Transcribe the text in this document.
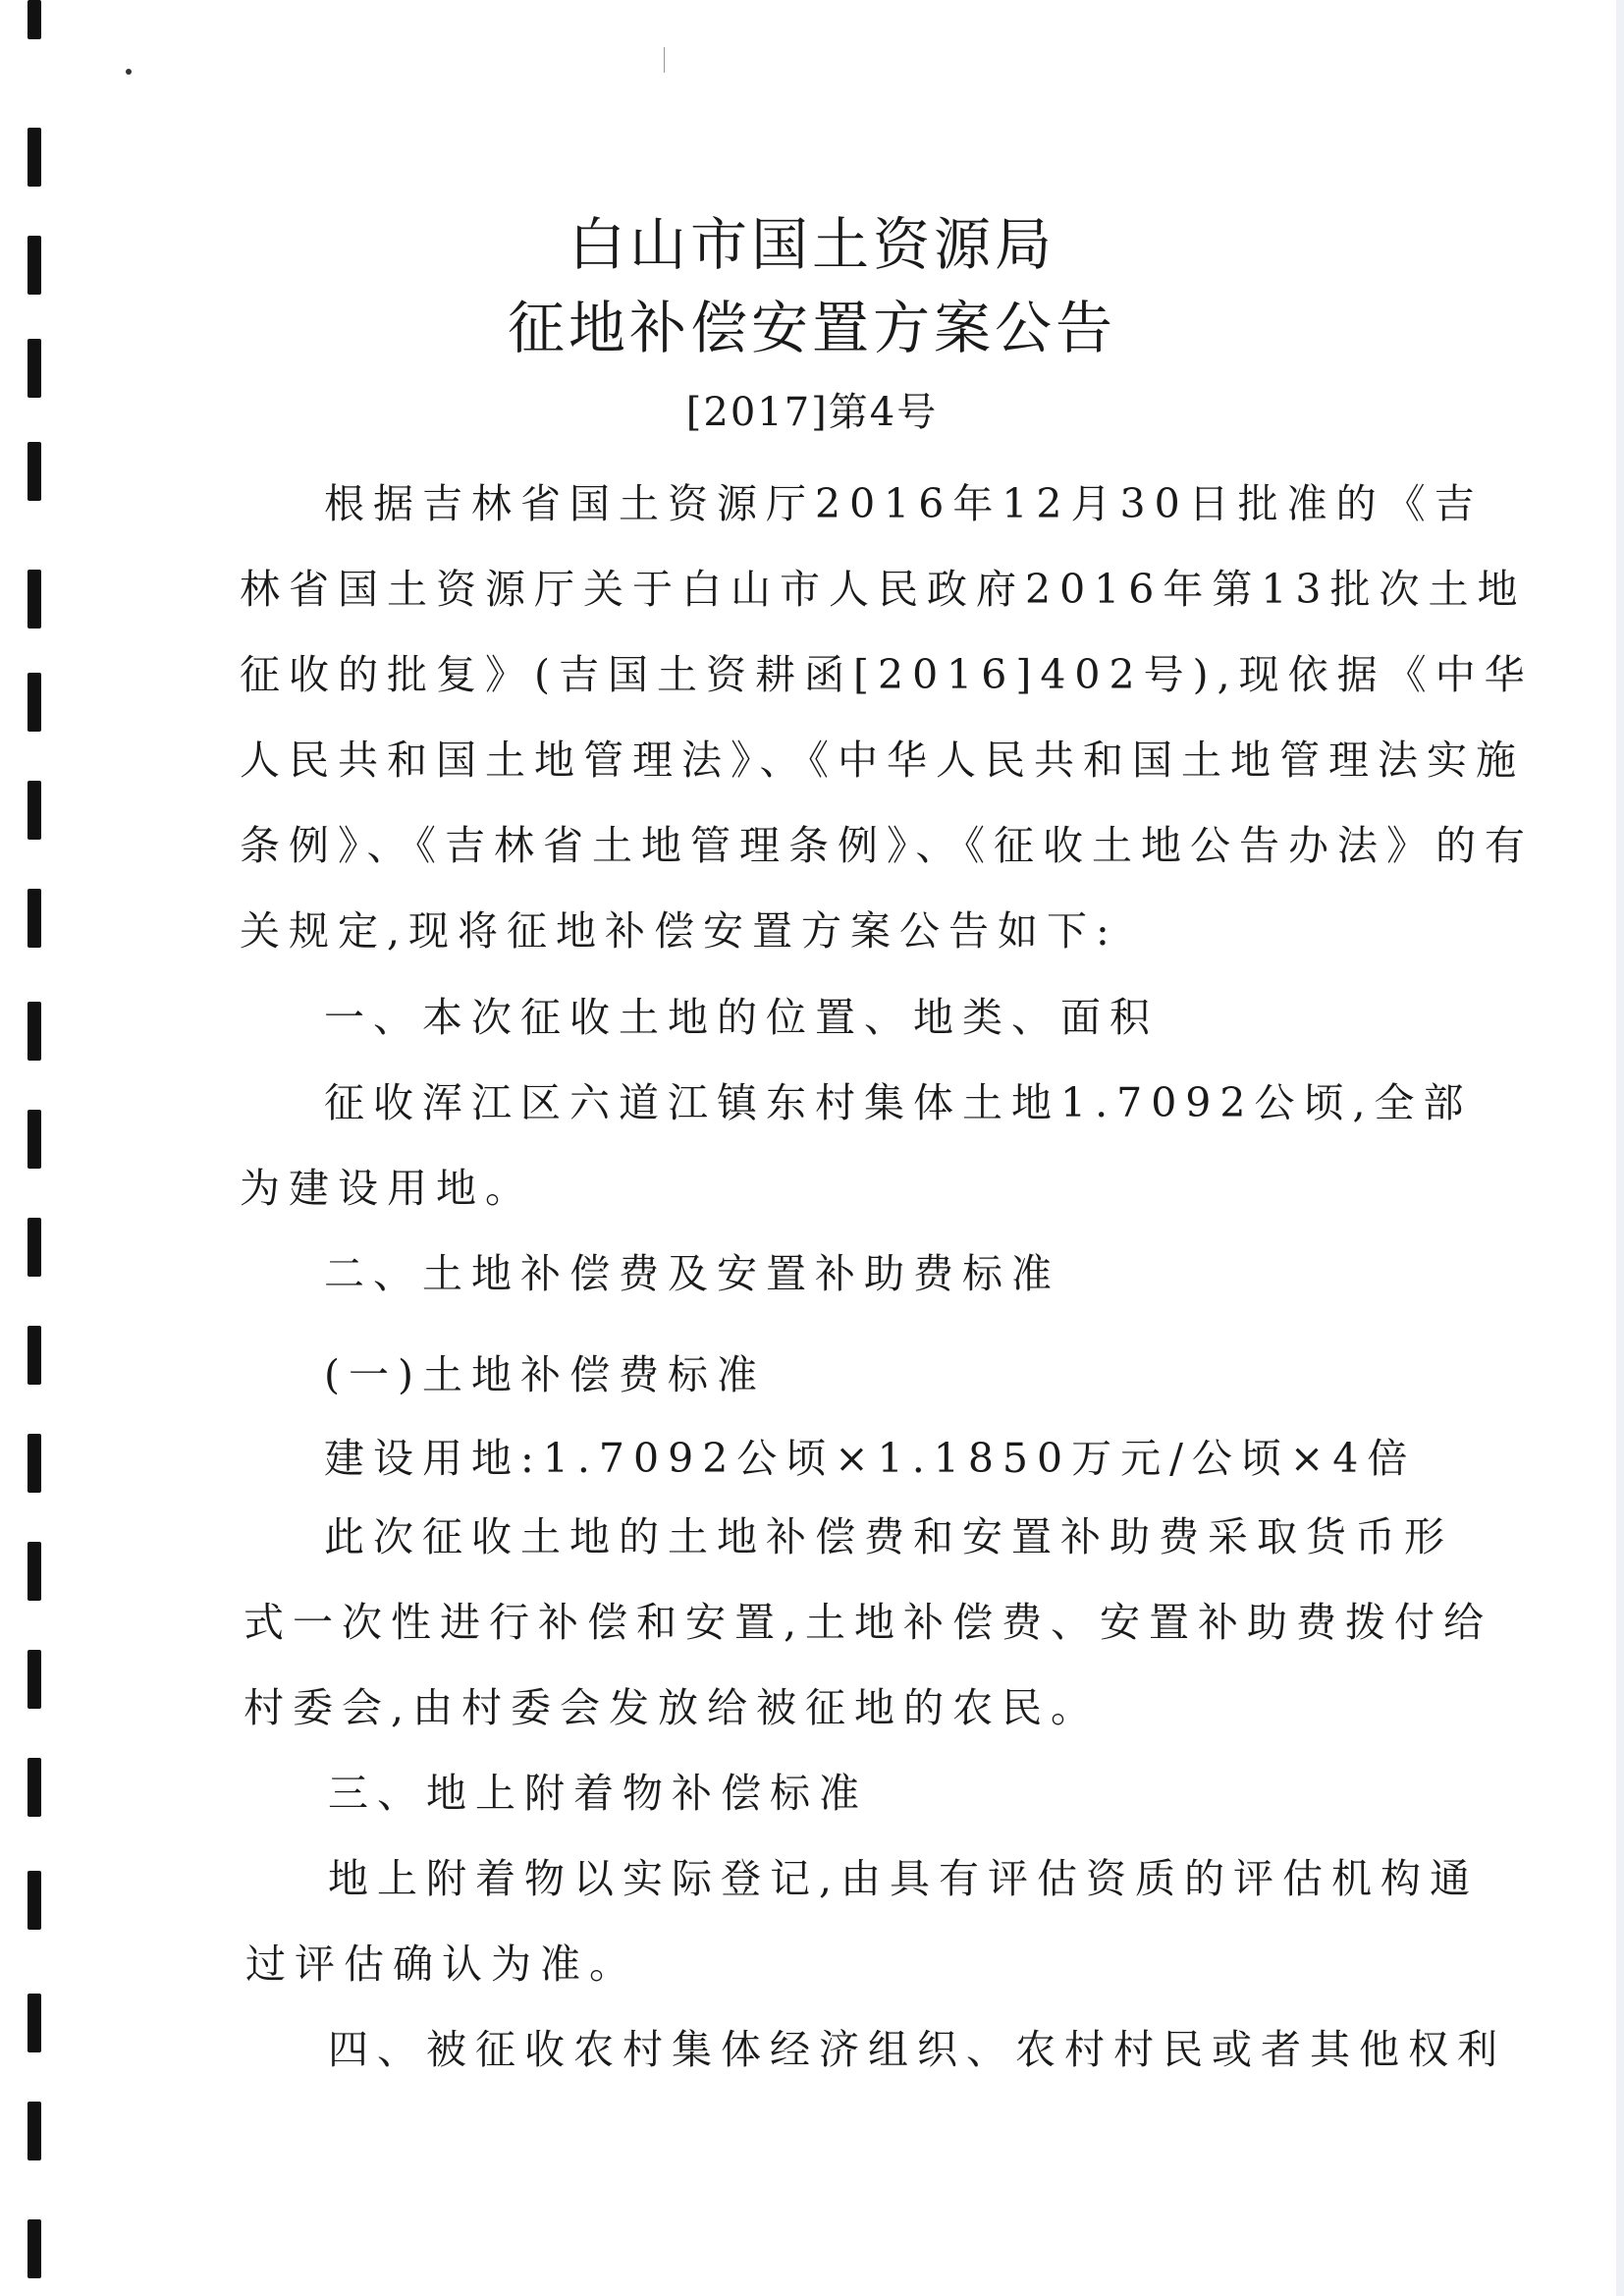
白山市国土资源局
征地补偿安置方案公告
[2017]第4号
根据吉林省国土资源厅2016年12月30日批准的《吉
林省国土资源厅关于白山市人民政府2016年第13批次土地
征收的批复》(吉国土资耕函[2016]402号),现依据《中华
人民共和国土地管理法》、《中华人民共和国土地管理法实施
条例》、《吉林省土地管理条例》、《征收土地公告办法》的有
关规定,现将征地补偿安置方案公告如下:
一、本次征收土地的位置、地类、面积
征收浑江区六道江镇东村集体土地1.7092公顷,全部
为建设用地。
二、土地补偿费及安置补助费标准
(一)土地补偿费标准
建设用地:1.7092公顷×1.1850万元/公顷×4倍
此次征收土地的土地补偿费和安置补助费采取货币形
式一次性进行补偿和安置,土地补偿费、安置补助费拨付给
村委会,由村委会发放给被征地的农民。
三、地上附着物补偿标准
地上附着物以实际登记,由具有评估资质的评估机构通
过评估确认为准。
四、被征收农村集体经济组织、农村村民或者其他权利
